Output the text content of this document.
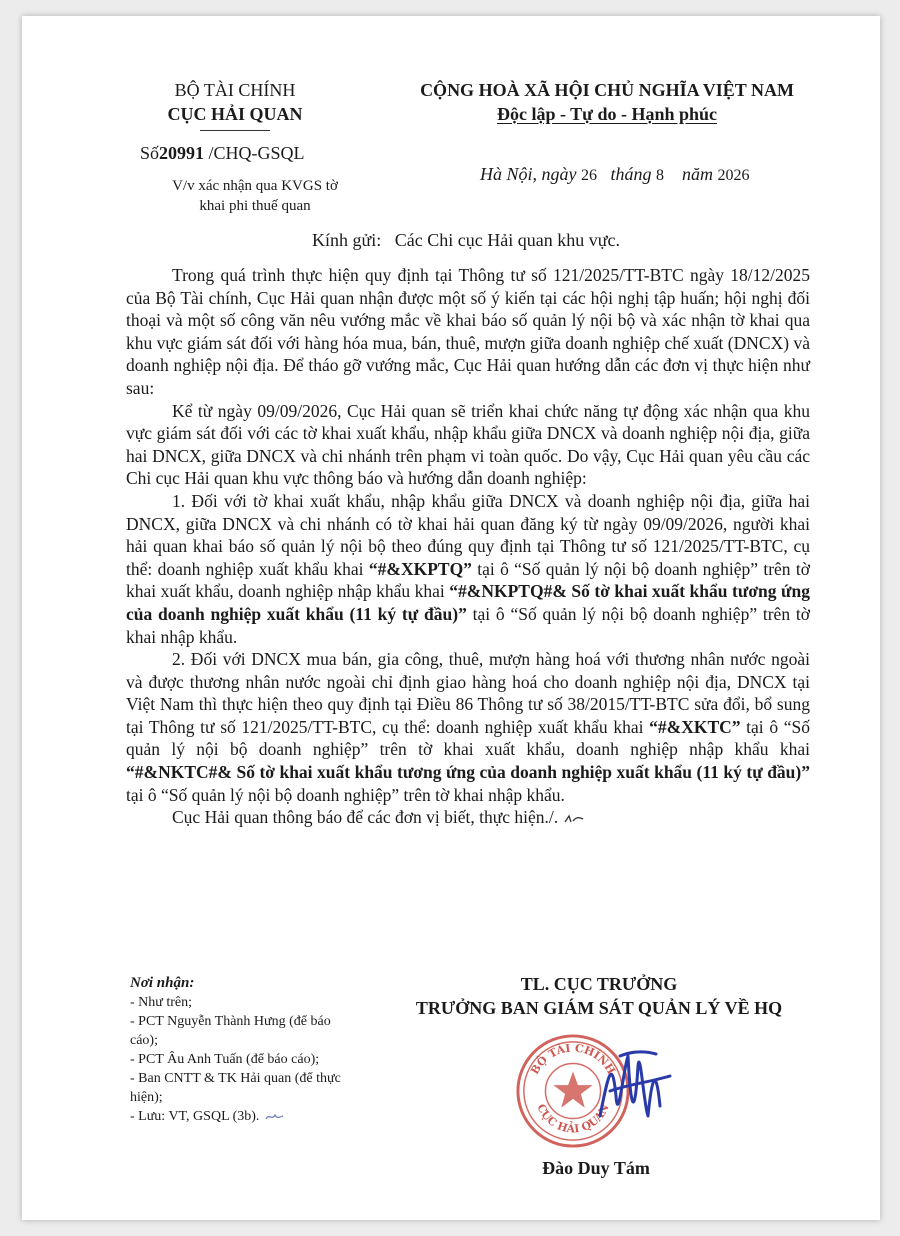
BỘ TÀI CHÍNH
CỤC HẢI QUAN
CỘNG HOÀ XÃ HỘI CHỦ NGHĨA VIỆT NAM
Độc lập - Tự do - Hạnh phúc
Số20991 /CHQ-GSQL

Hà Nội, ngày 26   tháng 8    năm 2026

V/v xác nhận qua KVGS tờ
khai phi thuế quan
Kính gửi:   Các Chi cục Hải quan khu vực.

Trong quá trình thực hiện quy định tại Thông tư số 121/2025/TT-BTC ngày 18/12/2025 của Bộ Tài chính, Cục Hải quan nhận được một số ý kiến tại các hội nghị tập huấn; hội nghị đối thoại và một số công văn nêu vướng mắc về khai báo số quản lý nội bộ và xác nhận tờ khai qua khu vực giám sát đối với hàng hóa mua, bán, thuê, mượn giữa doanh nghiệp chế xuất (DNCX) và doanh nghiệp nội địa. Để tháo gỡ vướng mắc, Cục Hải quan hướng dẫn các đơn vị thực hiện như sau:

Kể từ ngày 09/09/2026, Cục Hải quan sẽ triển khai chức năng tự động xác nhận qua khu vực giám sát đối với các tờ khai xuất khẩu, nhập khẩu giữa DNCX và doanh nghiệp nội địa, giữa hai DNCX, giữa DNCX và chi nhánh trên phạm vi toàn quốc. Do vậy, Cục Hải quan yêu cầu các Chi cục Hải quan khu vực thông báo và hướng dẫn doanh nghiệp:

1. Đối với tờ khai xuất khẩu, nhập khẩu giữa DNCX và doanh nghiệp nội địa, giữa hai DNCX, giữa DNCX và chi nhánh có tờ khai hải quan đăng ký từ ngày 09/09/2026, người khai hải quan khai báo số quản lý nội bộ theo đúng quy định tại Thông tư số 121/2025/TT-BTC, cụ thể: doanh nghiệp xuất khẩu khai “#&XKPTQ” tại ô “Số quản lý nội bộ doanh nghiệp” trên tờ khai xuất khẩu, doanh nghiệp nhập khẩu khai “#&NKPTQ#& Số tờ khai xuất khẩu tương ứng của doanh nghiệp xuất khẩu (11 ký tự đầu)” tại ô “Số quản lý nội bộ doanh nghiệp” trên tờ khai nhập khẩu.

2. Đối với DNCX mua bán, gia công, thuê, mượn hàng hoá với thương nhân nước ngoài và được thương nhân nước ngoài chỉ định giao hàng hoá cho doanh nghiệp nội địa, DNCX tại Việt Nam thì thực hiện theo quy định tại Điều 86 Thông tư số 38/2015/TT-BTC sửa đổi, bổ sung tại Thông tư số 121/2025/TT-BTC, cụ thể: doanh nghiệp xuất khẩu khai “#&XKTC” tại ô “Số quản lý nội bộ doanh nghiệp” trên tờ khai xuất khẩu, doanh nghiệp nhập khẩu khai “#&NKTC#& Số tờ khai xuất khẩu tương ứng của doanh nghiệp xuất khẩu (11 ký tự đầu)” tại ô “Số quản lý nội bộ doanh nghiệp” trên tờ khai nhập khẩu.

Cục Hải quan thông báo để các đơn vị biết, thực hiện./.

Nơi nhận:
- Như trên;
- PCT Nguyễn Thành Hưng (để báo cáo);
- PCT Âu Anh Tuấn (để báo cáo);
- Ban CNTT & TK Hải quan (để thực hiện);
- Lưu: VT, GSQL (3b).
TL. CỤC TRƯỞNG
TRƯỞNG BAN GIÁM SÁT QUẢN LÝ VỀ HQ
BỘ TÀI CHÍNH
CỤC HẢI QUAN
Đào Duy Tám
